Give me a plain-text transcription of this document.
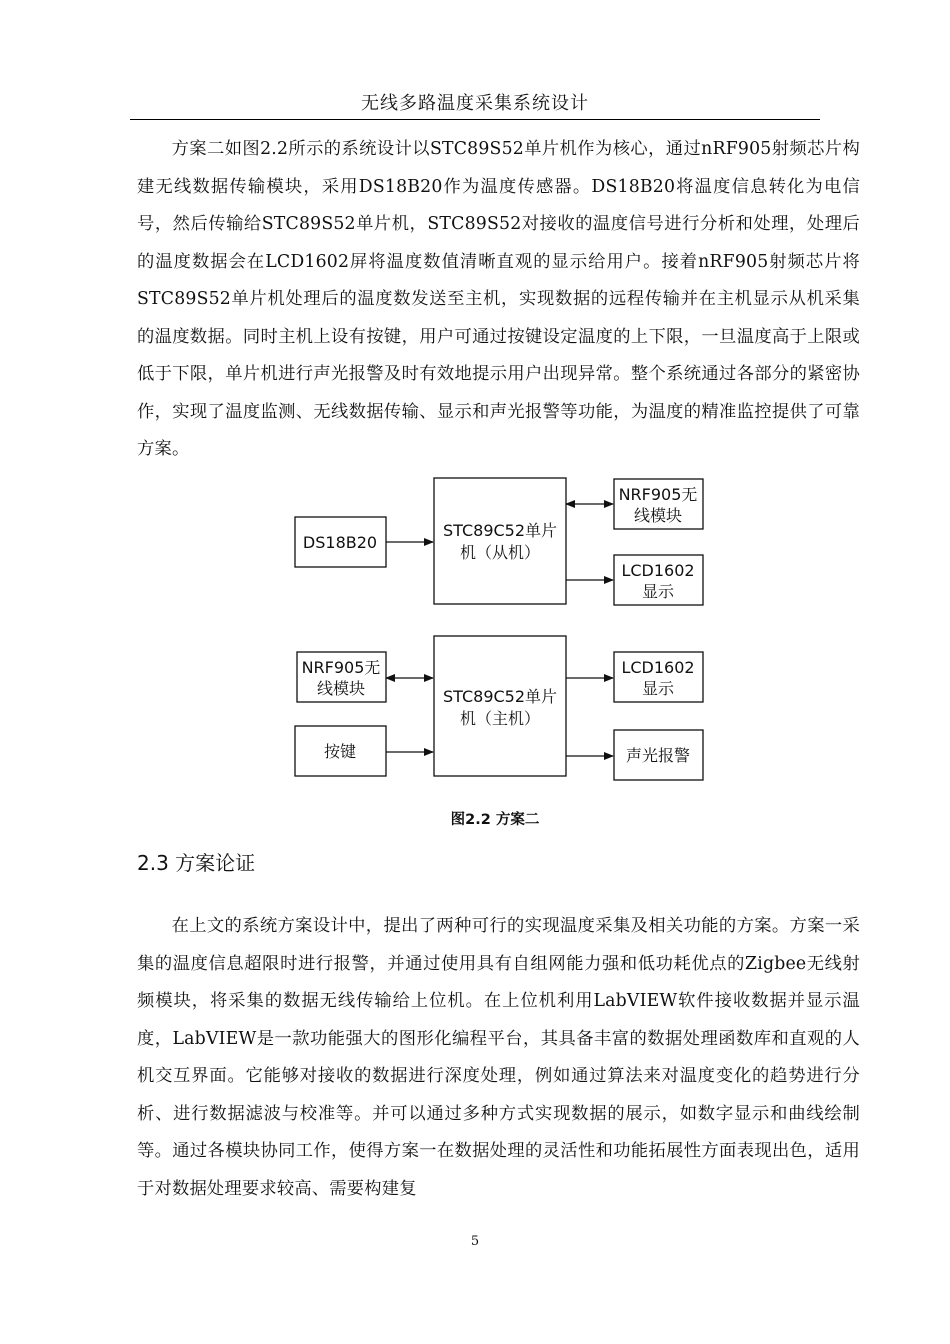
无线多路温度采集系统设计

方案二如图2.2所示的系统设计以STC89S52单片机作为核心，通过nRF905射频芯片构建无线数据传输模块，采用DS18B20作为温度传感器。DS18B20将温度信息转化为电信号，然后传输给STC89S52单片机，STC89S52对接收的温度信号进行分析和处理，处理后的温度数据会在LCD1602屏将温度数值清晰直观的显示给用户。接着nRF905射频芯片将STC89S52单片机处理后的温度数发送至主机，实现数据的远程传输并在主机显示从机采集的温度数据。同时主机上设有按键，用户可通过按键设定温度的上下限，一旦温度高于上限或低于下限，单片机进行声光报警及时有效地提示用户出现异常。整个系统通过各部分的紧密协作，实现了温度监测、无线数据传输、显示和声光报警等功能，为温度的精准监控提供了可靠方案。

DS18B20
STC89C52单片
机（从机）
NRF905无
线模块
LCD1602
显示
NRF905无
线模块
按键
STC89C52单片
机（主机）
LCD1602
显示
声光报警
图2.2 方案二
2.3 方案论证

在上文的系统方案设计中，提出了两种可行的实现温度采集及相关功能的方案。方案一采集的温度信息超限时进行报警，并通过使用具有自组网能力强和低功耗优点的Zigbee无线射频模块，将采集的数据无线传输给上位机。在上位机利用LabVIEW软件接收数据并显示温度，LabVIEW是一款功能强大的图形化编程平台，其具备丰富的数据处理函数库和直观的人机交互界面。它能够对接收的数据进行深度处理，例如通过算法来对温度变化的趋势进行分析、进行数据滤波与校准等。并可以通过多种方式实现数据的展示，如数字显示和曲线绘制等。通过各模块协同工作，使得方案一在数据处理的灵活性和功能拓展性方面表现出色，适用于对数据处理要求较高、需要构建复

5
